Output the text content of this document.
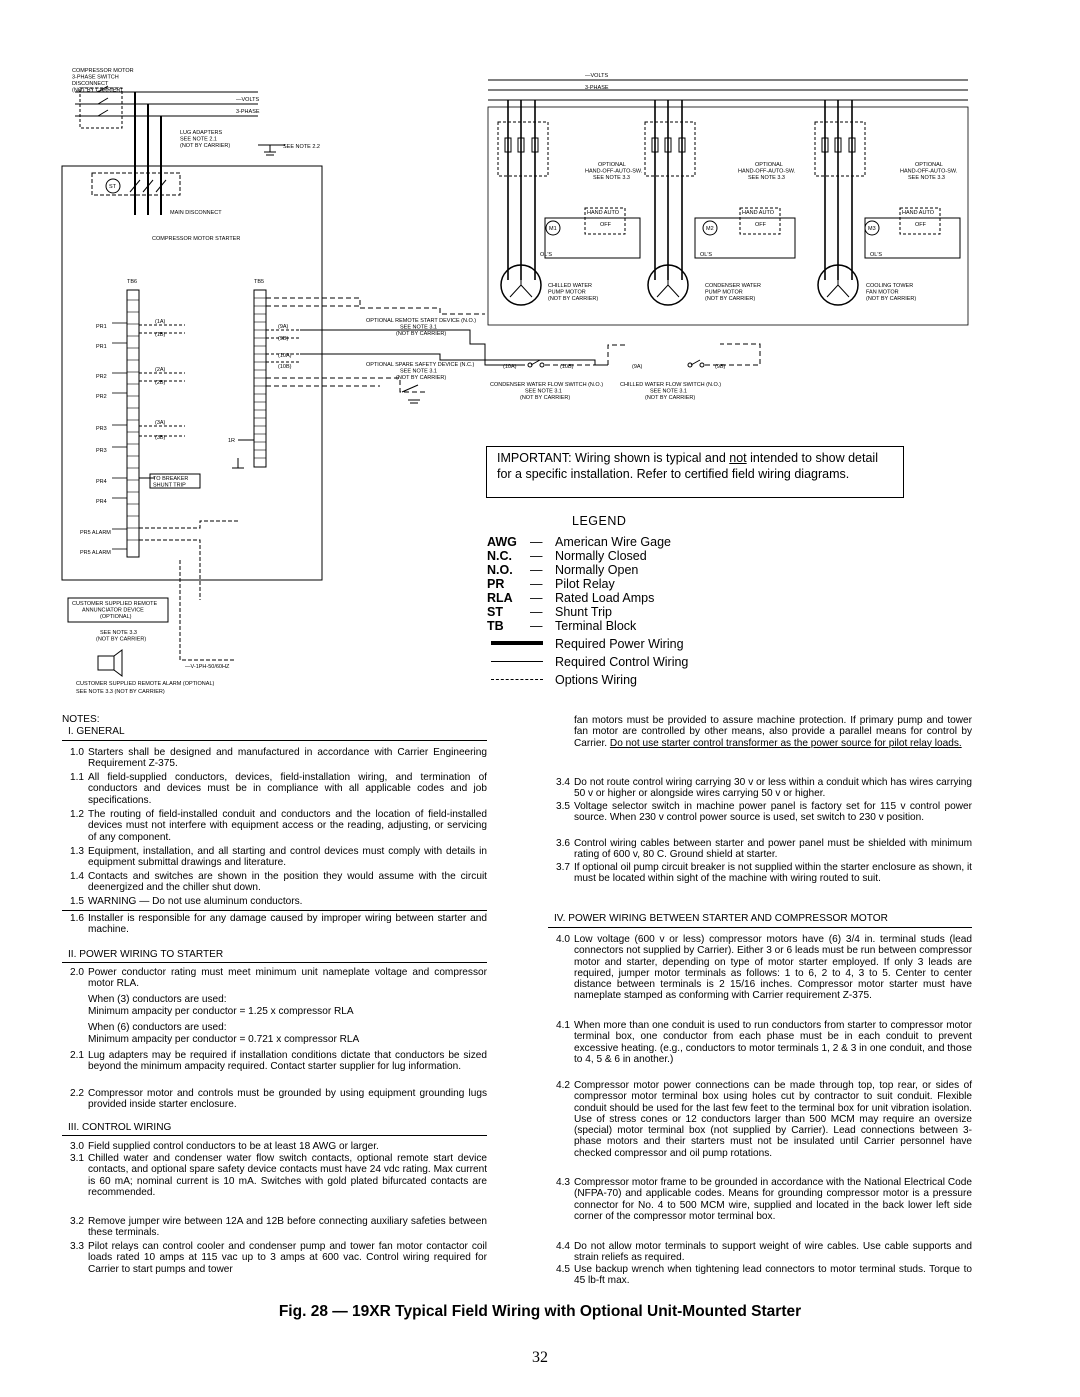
COMPRESSOR MOTOR 3-PHASE SWITCH DISCONNECT (NOT BY CARRIER)
—VOLTS
3-PHASE
LUG ADAPTERS SEE NOTE 2.1 (NOT BY CARRIER)	SEE NOTE 2.2
ST
MAIN DISCONNECT
COMPRESSOR MOTOR STARTER
TB6	TB5
PR1
PR1
PR2
PR2
PR3
PR3
PR4
PR4
PR5 ALARM
PR5 ALARM
(1A)
(1B)
(2A)
(2B)
(3A)
(3B)
(9A)
(9B)
(10A)
(10B)
TO BREAKER SHUNT TRIP
1R
CUSTOMER SUPPLIED REMOTE ANNUNCIATOR DEVICE (OPTIONAL)
SEE NOTE 3.3 (NOT BY CARRIER)
—V-1PH-50/60HZ
CUSTOMER SUPPLIED REMOTE ALARM (OPTIONAL)
SEE NOTE 3.3 (NOT BY CARRIER)
OPTIONAL REMOTE START DEVICE (N.O.) SEE NOTE 3.1 (NOT BY CARRIER)
OPTIONAL SPARE SAFETY DEVICE (N.C.) SEE NOTE 3.1 (NOT BY CARRIER)
—VOLTS
3-PHASE
OPTIONAL HAND-OFF-AUTO-SW. SEE NOTE 3.3
OPTIONAL HAND-OFF-AUTO-SW. SEE NOTE 3.3
OPTIONAL HAND-OFF-AUTO-SW. SEE NOTE 3.3
HAND AUTO	HAND AUTO	HAND AUTO
OFF	OFF	OFF
OL'S	OL'S	OL'S
M1	M2	M3
CHILLED WATER PUMP MOTOR (NOT BY CARRIER)
CONDENSER WATER PUMP MOTOR (NOT BY CARRIER)
COOLING TOWER FAN MOTOR (NOT BY CARRIER)
(10A)	(10B)	(9A)	(9B)
CONDENSER WATER FLOW SWITCH (N.O.) SEE NOTE 3.1 (NOT BY CARRIER)
CHILLED WATER FLOW SWITCH (N.O.) SEE NOTE 3.1 (NOT BY CARRIER)
IMPORTANT: Wiring shown is typical and not intended to show detail for a specific installation. Refer to certified field wiring diagrams.
LEGEND
AWG — American Wire Gage
N.C. — Normally Closed
N.O. — Normally Open
PR — Pilot Relay
RLA — Rated Load Amps
ST — Shunt Trip
TB — Terminal Block
Required Power Wiring
Required Control Wiring
Options Wiring
NOTES:
I. GENERAL
1.0 Starters shall be designed and manufactured in accordance with Carrier Engineering Requirement Z-375.
1.1 All field-supplied conductors, devices, field-installation wiring, and termination of conductors and devices must be in compliance with all applicable codes and job specifications.
1.2 The routing of field-installed conduit and conductors and the location of field-installed devices must not interfere with equipment access or the reading, adjusting, or servicing of any component.
1.3 Equipment, installation, and all starting and control devices must comply with details in equipment submittal drawings and literature.
1.4 Contacts and switches are shown in the position they would assume with the circuit deenergized and the chiller shut down.
1.5 WARNING — Do not use aluminum conductors.
1.6 Installer is responsible for any damage caused by improper wiring between starter and machine.
II. POWER WIRING TO STARTER
2.0 Power conductor rating must meet minimum unit nameplate voltage and compressor motor RLA.
When (3) conductors are used:
Minimum ampacity per conductor = 1.25 x compressor RLA
When (6) conductors are used:
Minimum ampacity per conductor = 0.721 x compressor RLA
2.1 Lug adapters may be required if installation conditions dictate that conductors be sized beyond the minimum ampacity required. Contact starter supplier for lug information.
2.2 Compressor motor and controls must be grounded by using equipment grounding lugs provided inside starter enclosure.
III. CONTROL WIRING
3.0 Field supplied control conductors to be at least 18 AWG or larger.
3.1 Chilled water and condenser water flow switch contacts, optional remote start device contacts, and optional spare safety device contacts must have 24 vdc rating. Max current is 60 mA; nominal current is 10 mA. Switches with gold plated bifurcated contacts are recommended.
3.2 Remove jumper wire between 12A and 12B before connecting auxiliary safeties between these terminals.
3.3 Pilot relays can control cooler and condenser pump and tower fan motor contactor coil loads rated 10 amps at 115 vac up to 3 amps at 600 vac. Control wiring required for Carrier to start pumps and tower
fan motors must be provided to assure machine protection. If primary pump and tower fan motor are controlled by other means, also provide a parallel means for control by Carrier. Do not use starter control transformer as the power source for pilot relay loads.
3.4 Do not route control wiring carrying 30 v or less within a conduit which has wires carrying 50 v or higher or alongside wires carrying 50 v or higher.
3.5 Voltage selector switch in machine power panel is factory set for 115 v control power source. When 230 v control power source is used, set switch to 230 v position.
3.6 Control wiring cables between starter and power panel must be shielded with minimum rating of 600 v, 80 C. Ground shield at starter.
3.7 If optional oil pump circuit breaker is not supplied within the starter enclosure as shown, it must be located within sight of the machine with wiring routed to suit.
IV. POWER WIRING BETWEEN STARTER AND COMPRESSOR MOTOR
4.0 Low voltage (600 v or less) compressor motors have (6) 3/4 in. terminal studs (lead connectors not supplied by Carrier). Either 3 or 6 leads must be run between compressor motor and starter, depending on type of motor starter employed. If only 3 leads are required, jumper motor terminals as follows: 1 to 6, 2 to 4, 3 to 5. Center to center distance between terminals is 2 15/16 inches. Compressor motor starter must have nameplate stamped as conforming with Carrier requirement Z-375.
4.1 When more than one conduit is used to run conductors from starter to compressor motor terminal box, one conductor from each phase must be in each conduit to prevent excessive heating. (e.g., conductors to motor terminals 1, 2 & 3 in one conduit, and those to 4, 5 & 6 in another.)
4.2 Compressor motor power connections can be made through top, top rear, or sides of compressor motor terminal box using holes cut by contractor to suit conduit. Flexible conduit should be used for the last few feet to the terminal box for unit vibration isolation. Use of stress cones or 12 conductors larger than 500 MCM may require an oversize (special) motor terminal box (not supplied by Carrier). Lead connections between 3-phase motors and their starters must not be insulated until Carrier personnel have checked compressor and oil pump rotations.
4.3 Compressor motor frame to be grounded in accordance with the National Electrical Code (NFPA-70) and applicable codes. Means for grounding compressor motor is a pressure connector for No. 4 to 500 MCM wire, supplied and located in the back lower left side corner of the compressor motor terminal box.
4.4 Do not allow motor terminals to support weight of wire cables. Use cable supports and strain reliefs as required.
4.5 Use backup wrench when tightening lead connectors to motor terminal studs. Torque to 45 lb-ft max.
Fig. 28 — 19XR Typical Field Wiring with Optional Unit-Mounted Starter
32
